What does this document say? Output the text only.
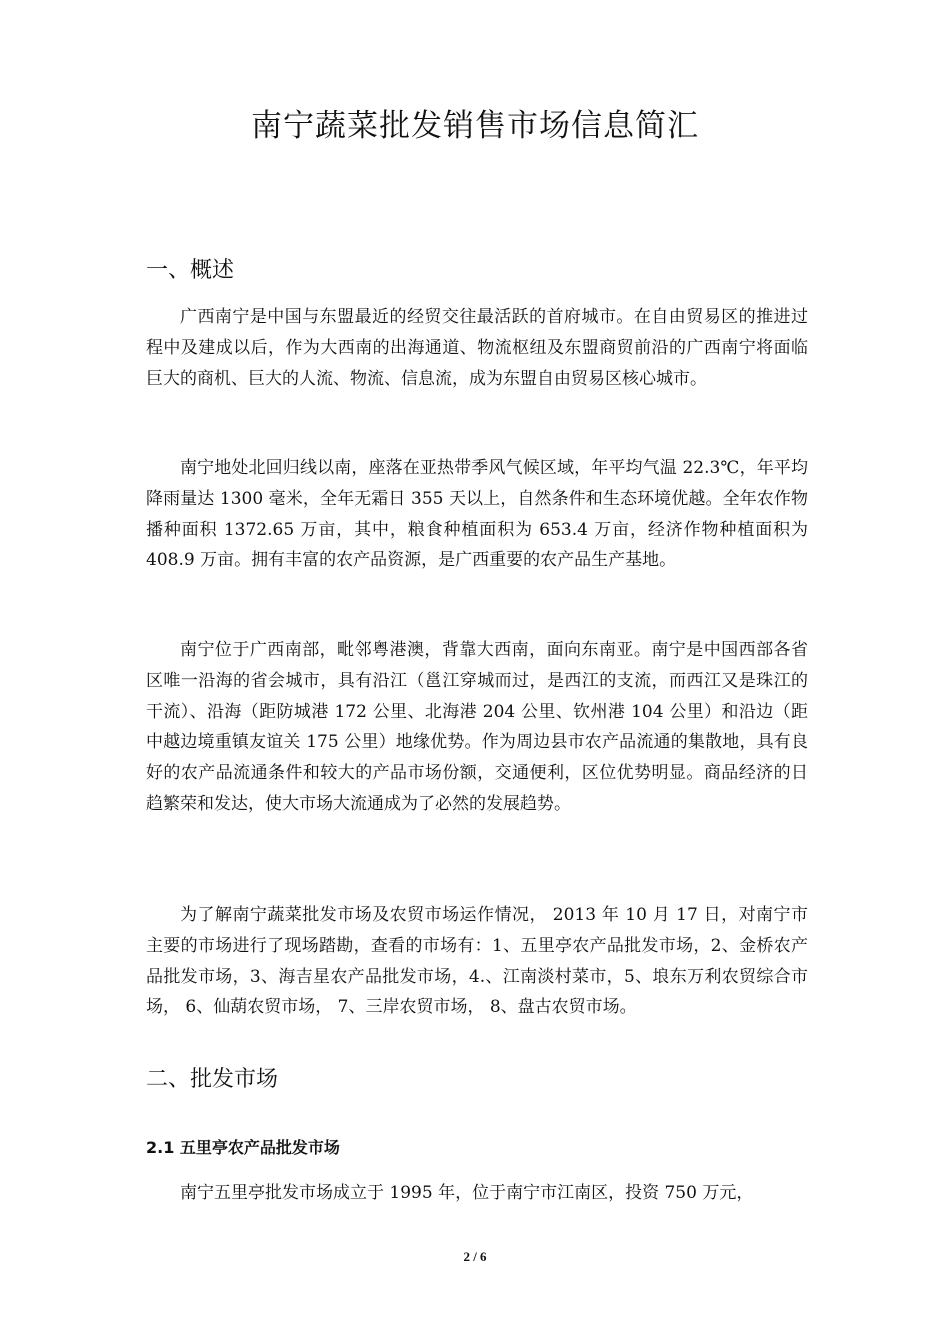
南宁蔬菜批发销售市场信息简汇
一、概述

广西南宁是中国与东盟最近的经贸交往最活跃的首府城市。在自由贸易区的推进过程中及建成以后，作为大西南的出海通道、物流枢纽及东盟商贸前沿的广西南宁将面临巨大的商机、巨大的人流、物流、信息流，成为东盟自由贸易区核心城市。

南宁地处北回归线以南，座落在亚热带季风气候区域，年平均气温 22.3℃，年平均降雨量达 1300 毫米，全年无霜日 355 天以上，自然条件和生态环境优越。全年农作物播种面积 1372.65 万亩，其中，粮食种植面积为 653.4 万亩，经济作物种植面积为 408.9 万亩。拥有丰富的农产品资源，是广西重要的农产品生产基地。

南宁位于广西南部，毗邻粤港澳，背靠大西南，面向东南亚。南宁是中国西部各省区唯一沿海的省会城市，具有沿江（邕江穿城而过，是西江的支流，而西江又是珠江的干流）、沿海（距防城港 172 公里、北海港 204 公里、钦州港 104 公里）和沿边（距中越边境重镇友谊关 175 公里）地缘优势。作为周边县市农产品流通的集散地，具有良好的农产品流通条件和较大的产品市场份额，交通便利，区位优势明显。商品经济的日趋繁荣和发达，使大市场大流通成为了必然的发展趋势。

为了解南宁蔬菜批发市场及农贸市场运作情况， 2013 年 10 月 17 日，对南宁市主要的市场进行了现场踏勘，查看的市场有：1、五里亭农产品批发市场，2、金桥农产品批发市场，3、海吉星农产品批发市场，4.、江南淡村菜市，5、埌东万利农贸综合市场， 6、仙葫农贸市场， 7、三岸农贸市场， 8、盘古农贸市场。

二、批发市场
2.1 五里亭农产品批发市场

南宁五里亭批发市场成立于 1995 年，位于南宁市江南区，投资 750 万元，

2 / 6
